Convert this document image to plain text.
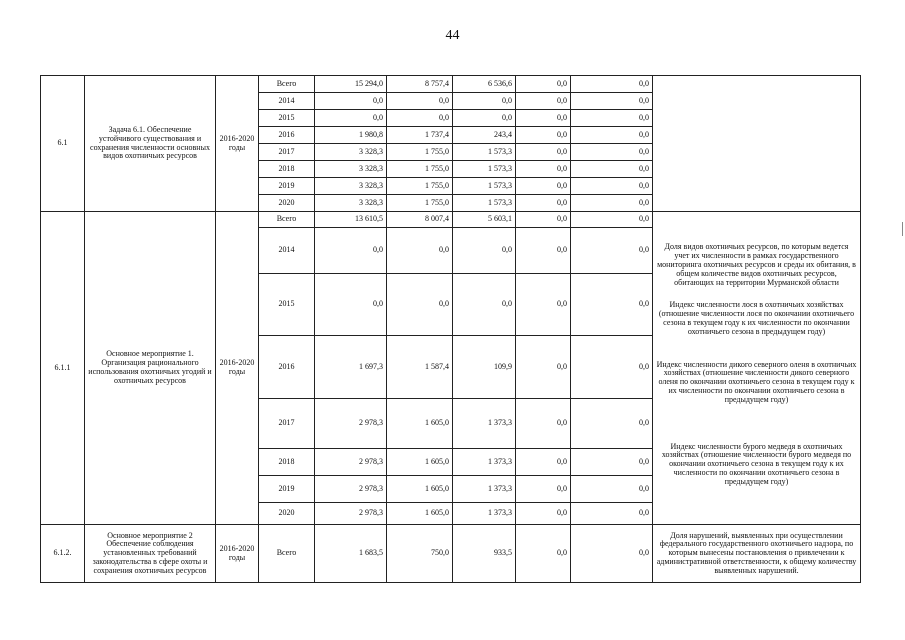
44
6.1	Задача 6.1. Обеспечение устойчивого существования и сохранения численности основных видов охотничьих ресурсов	2016-2020 годы	Всего	15 294,0	8 757,4	6 536,6	0,0	0,0	
			2014	0,0	0,0	0,0	0,0	0,0	
			2015	0,0	0,0	0,0	0,0	0,0	
			2016	1 980,8	1 737,4	243,4	0,0	0,0	
			2017	3 328,3	1 755,0	1 573,3	0,0	0,0	
			2018	3 328,3	1 755,0	1 573,3	0,0	0,0	
			2019	3 328,3	1 755,0	1 573,3	0,0	0,0	
			2020	3 328,3	1 755,0	1 573,3	0,0	0,0	
6.1.1	Основное мероприятие 1. Организация рационального использования охотничьих угодий и охотничьих ресурсов	2016-2020 годы	Всего	13 610,5	8 007,4	5 603,1	0,0	0,0	Доля видов охотничьих ресурсов, по которым ведется учет их численности в рамках государственного мониторинга охотничьих ресурсов и среды их обитания, в общем количестве видов охотничьих ресурсов, обитающих на территории Мурманской области
Индекс численности лося в охотничьих хозяйствах (отношение численности лося по окончании охотничьего сезона в текущем году к их численности по окончании охотничьего сезона в предыдущем году)
Индекс численности дикого северного оленя в охотничьих хозяйствах (отношение численности дикого северного оленя по окончании охотничьего сезона в текущем году к их численности по окончании охотничьего сезона в предыдущем году)
Индекс численности бурого медведя в охотничьих хозяйствах (отношение численности бурого медведя по окончании охотничьего сезона в текущем году к их численности по окончании охотничьего сезона в предыдущем году)

			2014	0,0	0,0	0,0	0,0	0,0	
			2015	0,0	0,0	0,0	0,0	0,0	
			2016	1 697,3	1 587,4	109,9	0,0	0,0	
			2017	2 978,3	1 605,0	1 373,3	0,0	0,0	
			2018	2 978,3	1 605,0	1 373,3	0,0	0,0	
			2019	2 978,3	1 605,0	1 373,3	0,0	0,0	
			2020	2 978,3	1 605,0	1 373,3	0,0	0,0	
6.1.2.	Основное мероприятие 2 Обеспечение соблюдения установленных требований законодательства в сфере охоты и сохранения охотничьих ресурсов	2016-2020 годы	Всего	1 683,5	750,0	933,5	0,0	0,0	Доля нарушений, выявленных при осуществлении федерального государственного охотничьего надзора, по которым вынесены постановления о привлечении к административной ответственности, к общему количеству выявленных нарушений.
